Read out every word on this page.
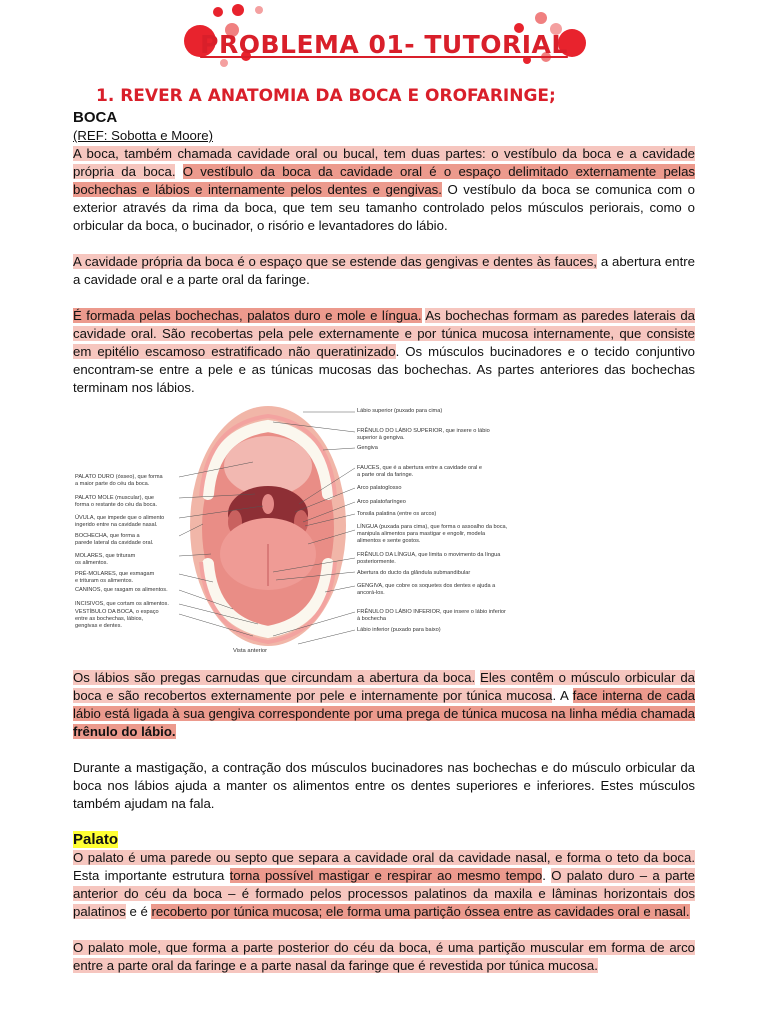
PROBLEMA 01- TUTORIAL
1. REVER A ANATOMIA DA BOCA E OROFARINGE;
BOCA
(REF: Sobotta e Moore)

A boca, também chamada cavidade oral ou bucal, tem duas partes: o vestíbulo da boca e a cavidade própria da boca. O vestíbulo da boca da cavidade oral é o espaço delimitado externamente pelas bochechas e lábios e internamente pelos dentes e gengivas. O vestíbulo da boca se comunica com o exterior através da rima da boca, que tem seu tamanho controlado pelos músculos periorais, como o orbicular da boca, o bucinador, o risório e levantadores do lábio.

A cavidade própria da boca é o espaço que se estende das gengivas e dentes às fauces, a abertura entre a cavidade oral e a parte oral da faringe.

É formada pelas bochechas, palatos duro e mole e língua. As bochechas formam as paredes laterais da cavidade oral. São recobertas pela pele externamente e por túnica mucosa internamente, que consiste em epitélio escamoso estratificado não queratinizado. Os músculos bucinadores e o tecido conjuntivo encontram-se entre a pele e as túnicas mucosas das bochechas. As partes anteriores das bochechas terminam nos lábios.

Lábio superior (puxado para cima)
FRÊNULO DO LÁBIO SUPERIOR, que insere o lábio
superior à gengiva.
Gengiva
FAUCES, que é a abertura entre a cavidade oral e
a parte oral da faringe.
Arco palatoglosso
Arco palatofaríngeo
Tonsila palatina (entre os arcos)
LÍNGUA (puxada para cima), que forma o assoalho da boca,
manipula alimentos para mastigar e engolir, modela
alimentos e sente gostos.
FRÊNULO DA LÍNGUA, que limita o movimento da língua
posteriormente.
Abertura do ducto da glândula submandibular
GENGIVA, que cobre os soquetes dos dentes e ajuda a
ancorá-los.
FRÊNULO DO LÁBIO INFERIOR, que insere o lábio inferior
à bochecha
Lábio inferior (puxado para baixo)
PALATO DURO (ósseo), que forma
a maior parte do céu da boca.
PALATO MOLE (muscular), que
forma o restante do céu da boca.
ÚVULA, que impede que o alimento
ingerido entre na cavidade nasal.
BOCHECHA, que forma a
parede lateral da cavidade oral.
MOLARES, que trituram
os alimentos.
PRÉ-MOLARES, que esmagam
e trituram os alimentos.
CANINOS, que rasgam os alimentos.
INCISIVOS, que cortam os alimentos.
VESTÍBULO DA BOCA, o espaço
entre as bochechas, lábios,
gengivas e dentes.
Vista anterior

Os lábios são pregas carnudas que circundam a abertura da boca. Eles contêm o músculo orbicular da boca e são recobertos externamente por pele e internamente por túnica mucosa. A face interna de cada lábio está ligada à sua gengiva correspondente por uma prega de túnica mucosa na linha média chamada frênulo do lábio.

Durante a mastigação, a contração dos músculos bucinadores nas bochechas e do músculo orbicular da boca nos lábios ajuda a manter os alimentos entre os dentes superiores e inferiores. Estes músculos também ajudam na fala.

Palato

O palato é uma parede ou septo que separa a cavidade oral da cavidade nasal, e forma o teto da boca. Esta importante estrutura torna possível mastigar e respirar ao mesmo tempo. O palato duro – a parte anterior do céu da boca – é formado pelos processos palatinos da maxila e lâminas horizontais dos palatinos e é recoberto por túnica mucosa; ele forma uma partição óssea entre as cavidades oral e nasal.

O palato mole, que forma a parte posterior do céu da boca, é uma partição muscular em forma de arco entre a parte oral da faringe e a parte nasal da faringe que é revestida por túnica mucosa.
